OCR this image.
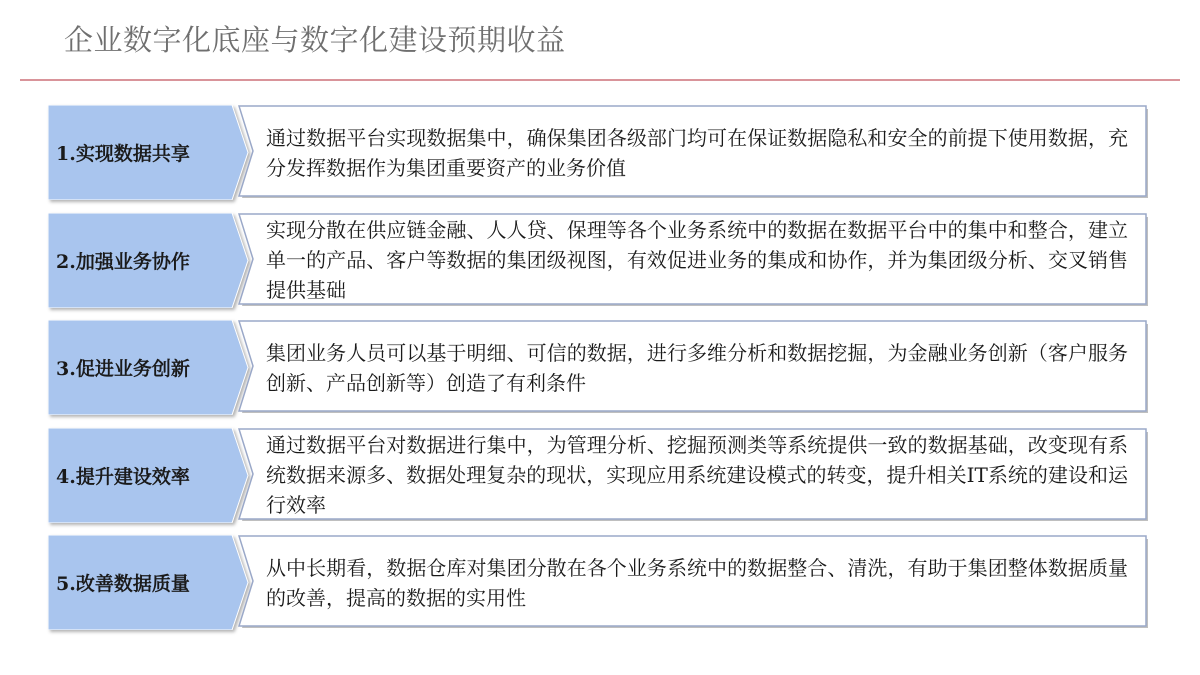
企业数字化底座与数字化建设预期收益
1.实现数据共享
通过数据平台实现数据集中，确保集团各级部门均可在保证数据隐私和安全的前提下使用数据，充分发挥数据作为集团重要资产的业务价值
2.加强业务协作
实现分散在供应链金融、人人贷、保理等各个业务系统中的数据在数据平台中的集中和整合，建立单一的产品、客户等数据的集团级视图，有效促进业务的集成和协作，并为集团级分析、交叉销售提供基础
3.促进业务创新
集团业务人员可以基于明细、可信的数据，进行多维分析和数据挖掘，为金融业务创新（客户服务创新、产品创新等）创造了有利条件
4.提升建设效率
通过数据平台对数据进行集中，为管理分析、挖掘预测类等系统提供一致的数据基础，改变现有系统数据来源多、数据处理复杂的现状，实现应用系统建设模式的转变，提升相关IT系统的建设和运行效率
5.改善数据质量
从中长期看，数据仓库对集团分散在各个业务系统中的数据整合、清洗，有助于集团整体数据质量的改善，提高的数据的实用性
